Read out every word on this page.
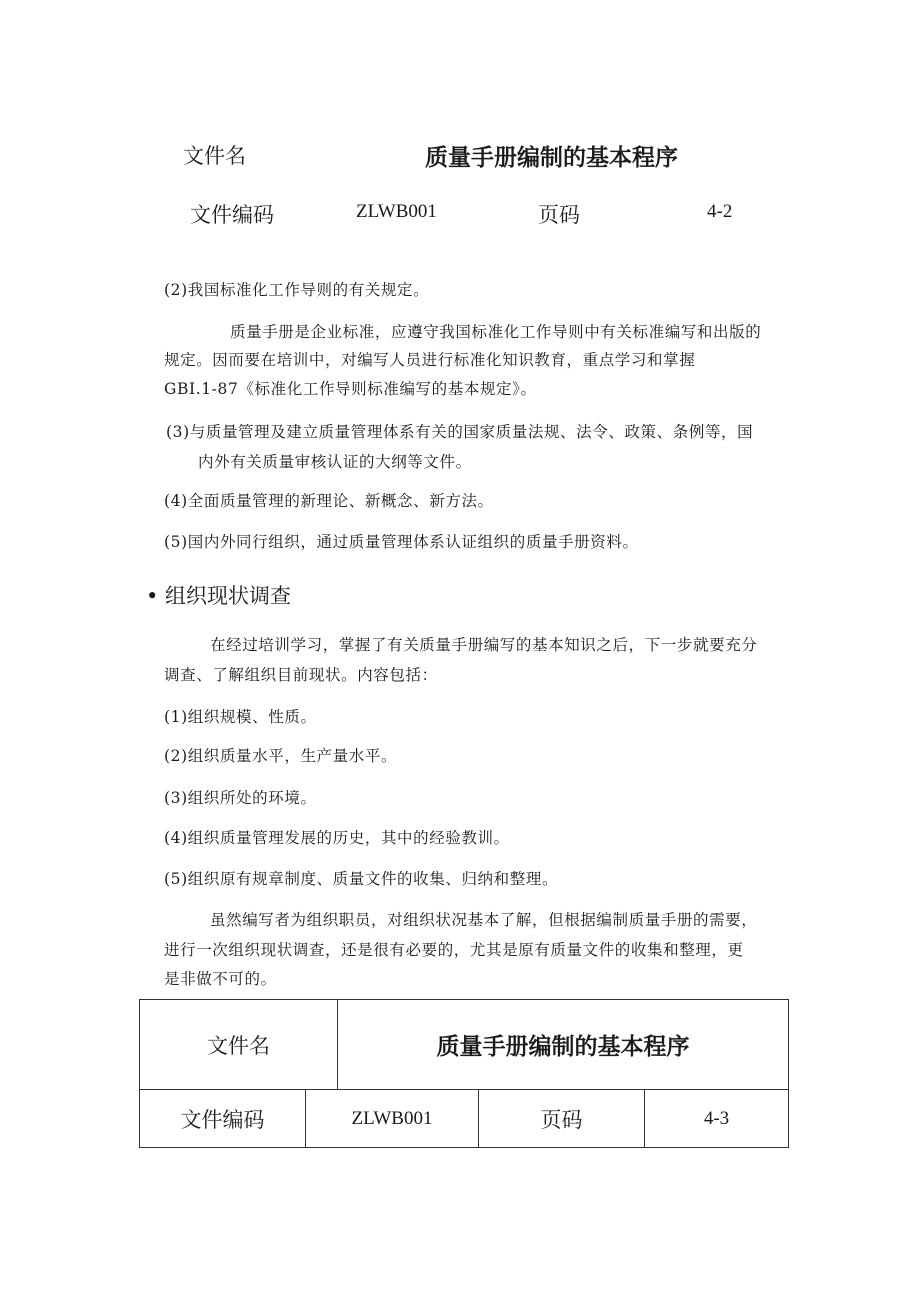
文件名	质量手册编制的基本程序
文件编码	ZLWB001	页码	4-2
(2)我国标准化工作导则的有关规定。
质量手册是企业标准，应遵守我国标准化工作导则中有关标准编写和出版的
规定。因而要在培训中，对编写人员进行标准化知识教育，重点学习和掌握
GBI.1-87《标准化工作导则标准编写的基本规定》。
(3)与质量管理及建立质量管理体系有关的国家质量法规、法令、政策、条例等，国
内外有关质量审核认证的大纲等文件。
(4)全面质量管理的新理论、新概念、新方法。
(5)国内外同行组织，通过质量管理体系认证组织的质量手册资料。
• 组织现状调查
在经过培训学习，掌握了有关质量手册编写的基本知识之后，下一步就要充分
调查、了解组织目前现状。内容包括：
(1)组织规模、性质。
(2)组织质量水平，生产量水平。
(3)组织所处的环境。
(4)组织质量管理发展的历史，其中的经验教训。
(5)组织原有规章制度、质量文件的收集、归纳和整理。
虽然编写者为组织职员，对组织状况基本了解，但根据编制质量手册的需要，
进行一次组织现状调查，还是很有必要的，尤其是原有质量文件的收集和整理，更
是非做不可的。
文件名	质量手册编制的基本程序
文件编码	ZLWB001	页码	4-3
